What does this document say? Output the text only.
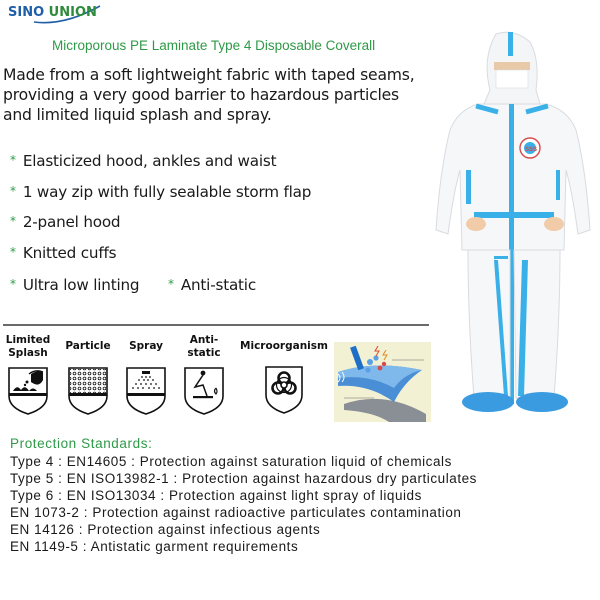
SINO UNION
Microporous PE Laminate Type 4 Disposable Coverall
Made from a soft lightweight fabric with taped seams,
providing a very good barrier to hazardous particles
and limited liquid splash and spray.
* Elasticized hood, ankles and waist
* 1 way zip with fully sealable storm flap
* 2-panel hood
* Knitted cuffs
* Ultra low linting * Anti-static
Limited
Splash
Particle	Spray	Anti-
static
Microorganism
SSS
Protection Standards:
Type 4 : EN14605 : Protection against saturation liquid of chemicals
Type 5 : EN ISO13982-1 : Protection against hazardous dry particulates
Type 6 : EN ISO13034 : Protection against light spray of liquids
EN 1073-2 : Protection against radioactive particulates contamination
EN 14126 : Protection against infectious agents
EN 1149-5 : Antistatic garment requirements
